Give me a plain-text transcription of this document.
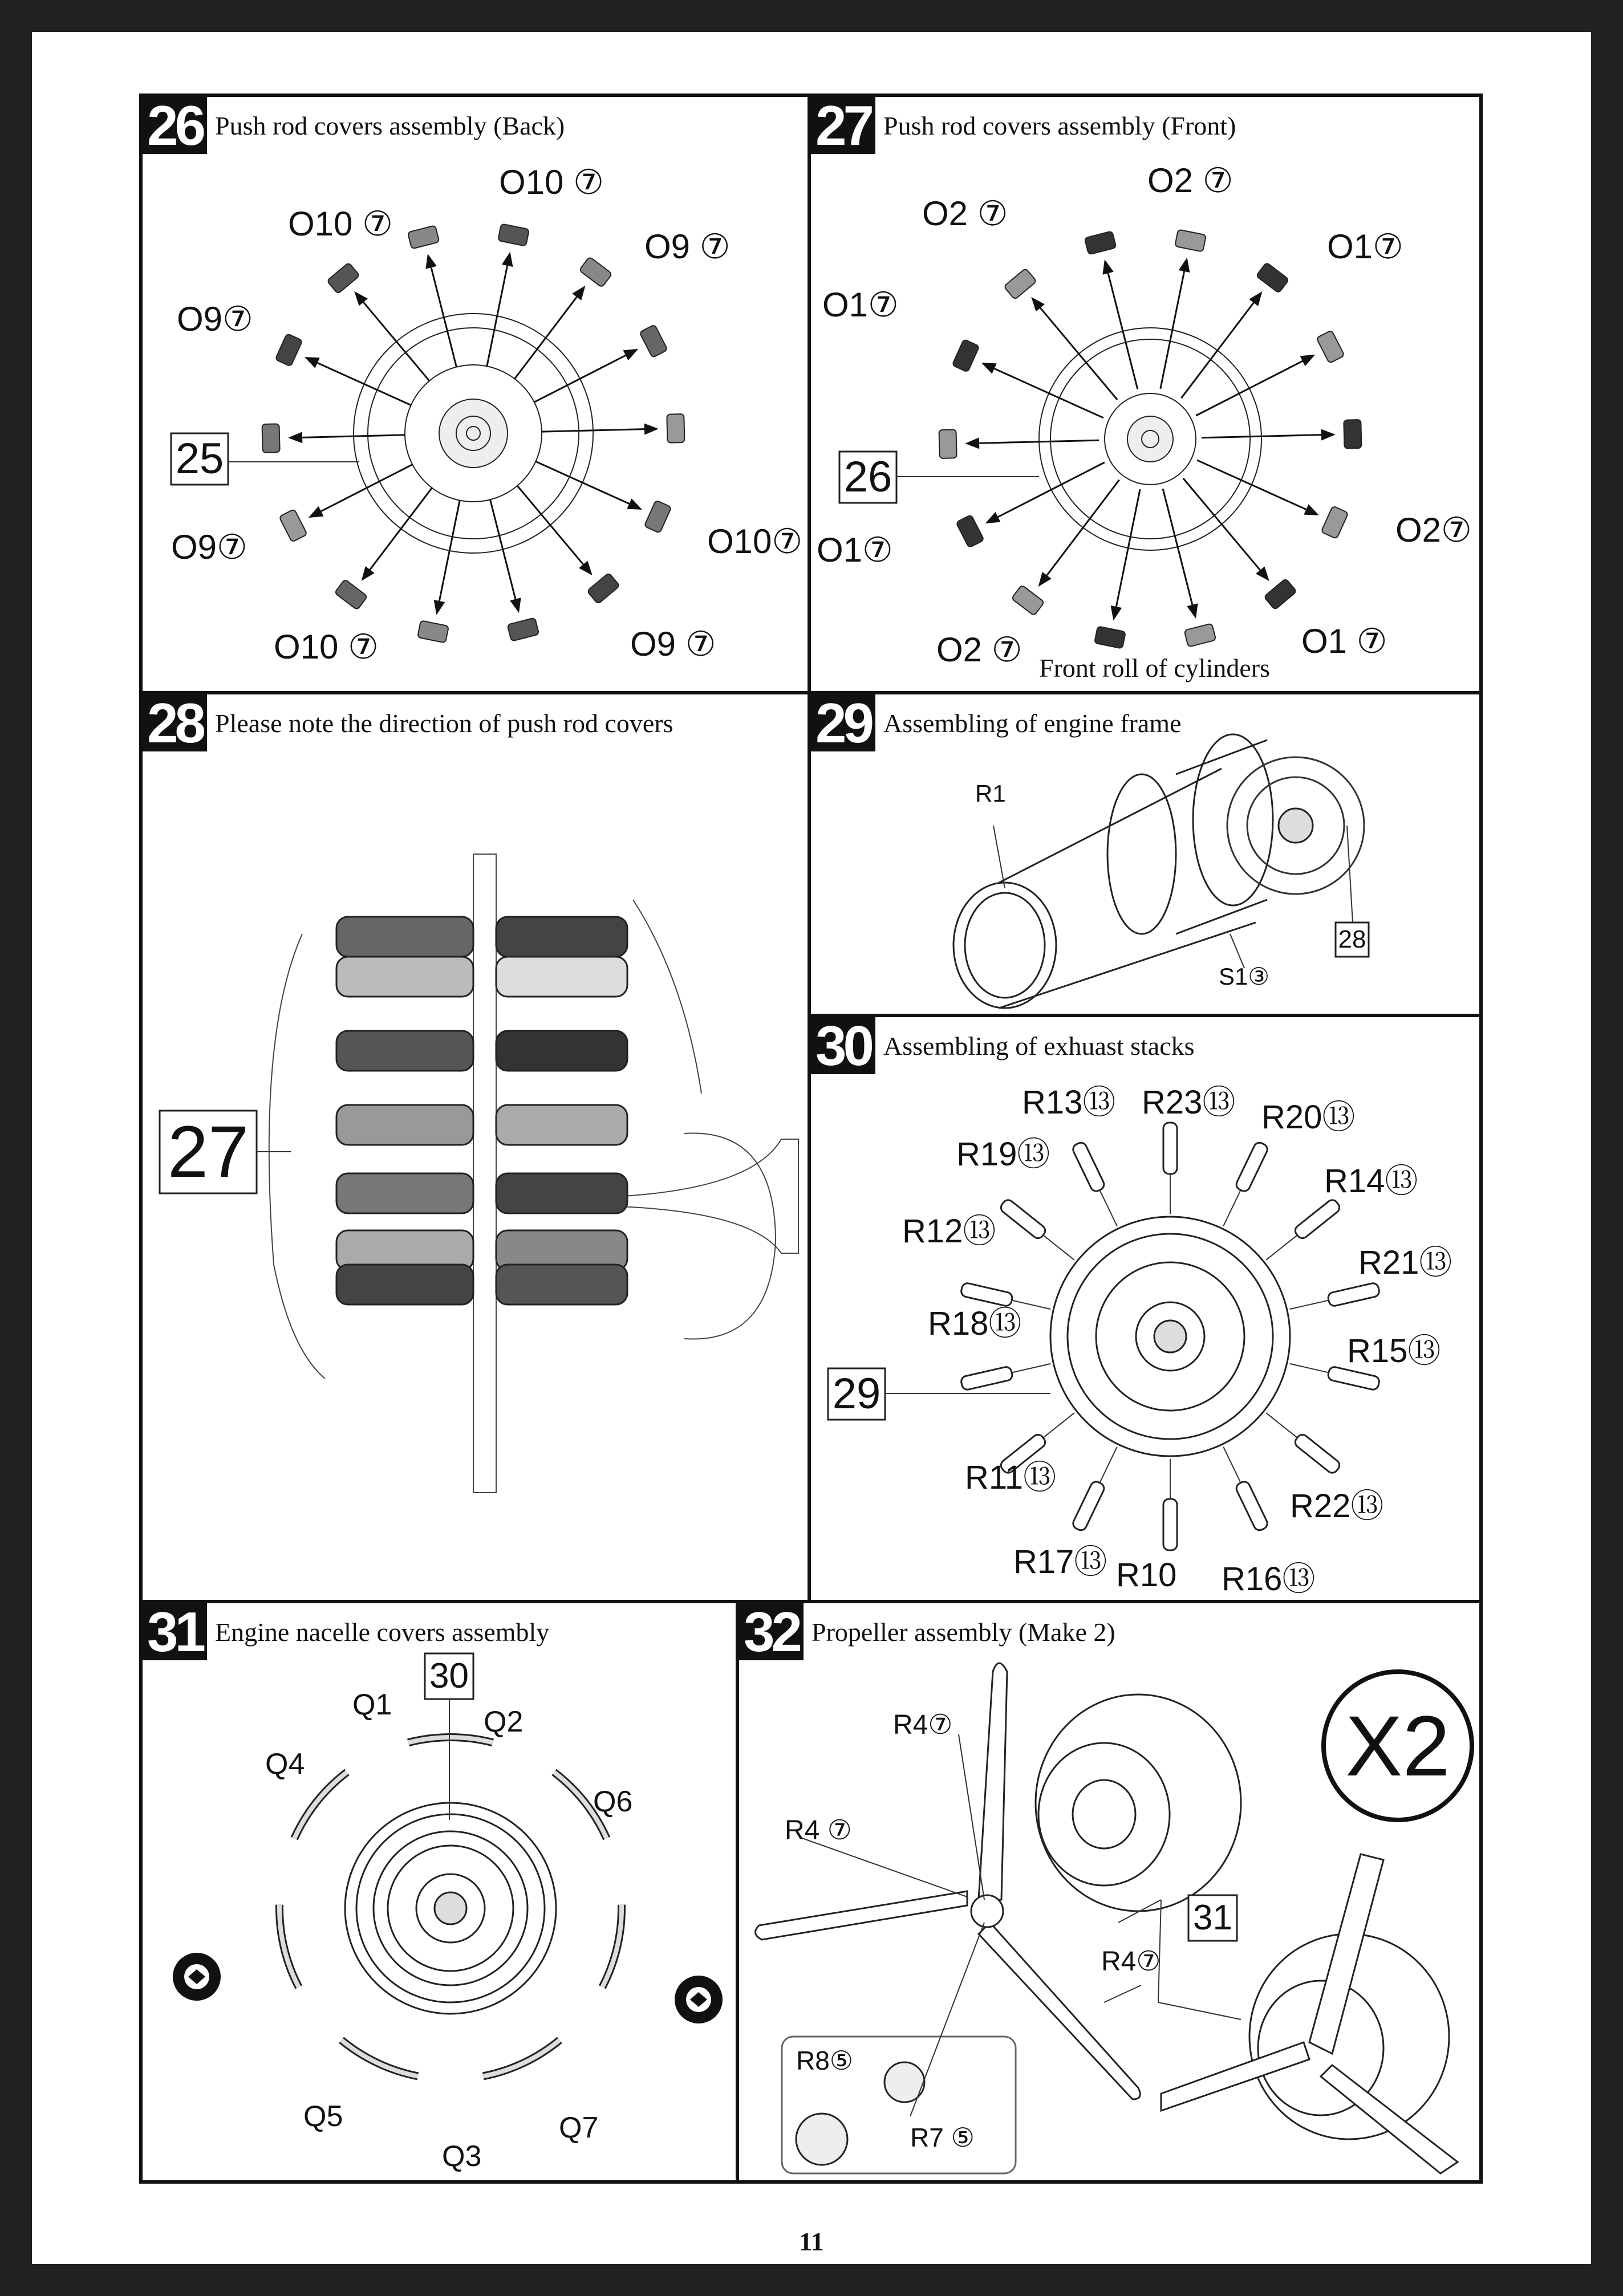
26 Push rod covers assembly (Back)
25
O10 ⑦
O10 ⑦
O9 ⑦
O9⑦
O9⑦	O10⑦
O10 ⑦	O9 ⑦
27 Push rod covers assembly (Front)
26
O2 ⑦
O2 ⑦
O1⑦
O1⑦
O1⑦
O2⑦
O2 ⑦	O1 ⑦
Front roll of cylinders
28 Please note the direction of push rod covers
27
29 Assembling of engine frame
R1
S1③
28
30 Assembling of exhuast stacks
29
R13⑬ R23⑬ R20⑬
R19⑬
R14⑬
R12⑬
R21⑬
R18⑬
R15⑬
R11⑬
R22⑬
R17⑬ R10 R16⑬
31 Engine nacelle covers assembly
30
Q1
Q2
Q4
Q6
Q5
Q3
Q7
32 Propeller assembly (Make 2)
31
X2
R4⑦
R4 ⑦
R4⑦
R8⑤
R7 ⑤
11
